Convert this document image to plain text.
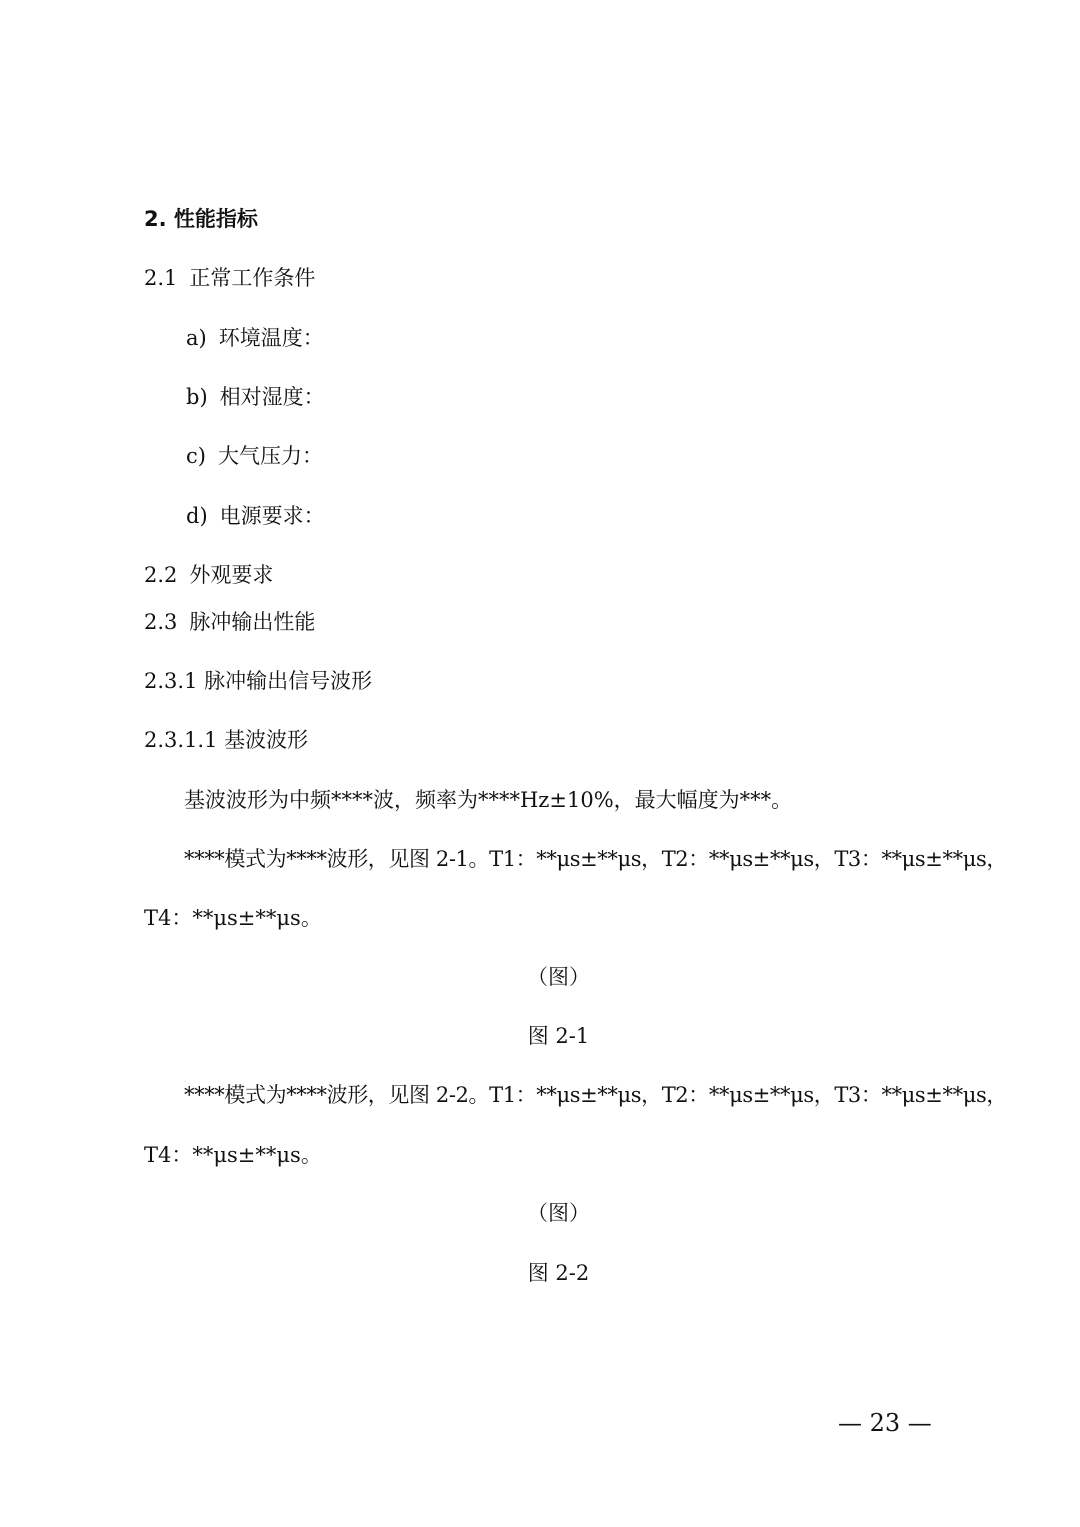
2. 性能指标
2.1 正常工作条件
a) 环境温度：
b) 相对湿度：
c) 大气压力：
d) 电源要求：
2.2 外观要求
2.3 脉冲输出性能
2.3.1 脉冲输出信号波形
2.3.1.1 基波波形
基波波形为中频****波，频率为****Hz±10%，最大幅度为***。
****模式为****波形，见图 2-1。T1：**μs±**μs，T2：**μs±**μs，T3：**μs±**μs，
T4：**μs±**μs。
（图）
图 2-1
****模式为****波形，见图 2-2。T1：**μs±**μs，T2：**μs±**μs，T3：**μs±**μs，
T4：**μs±**μs。
（图）
图 2-2
— 23 —
